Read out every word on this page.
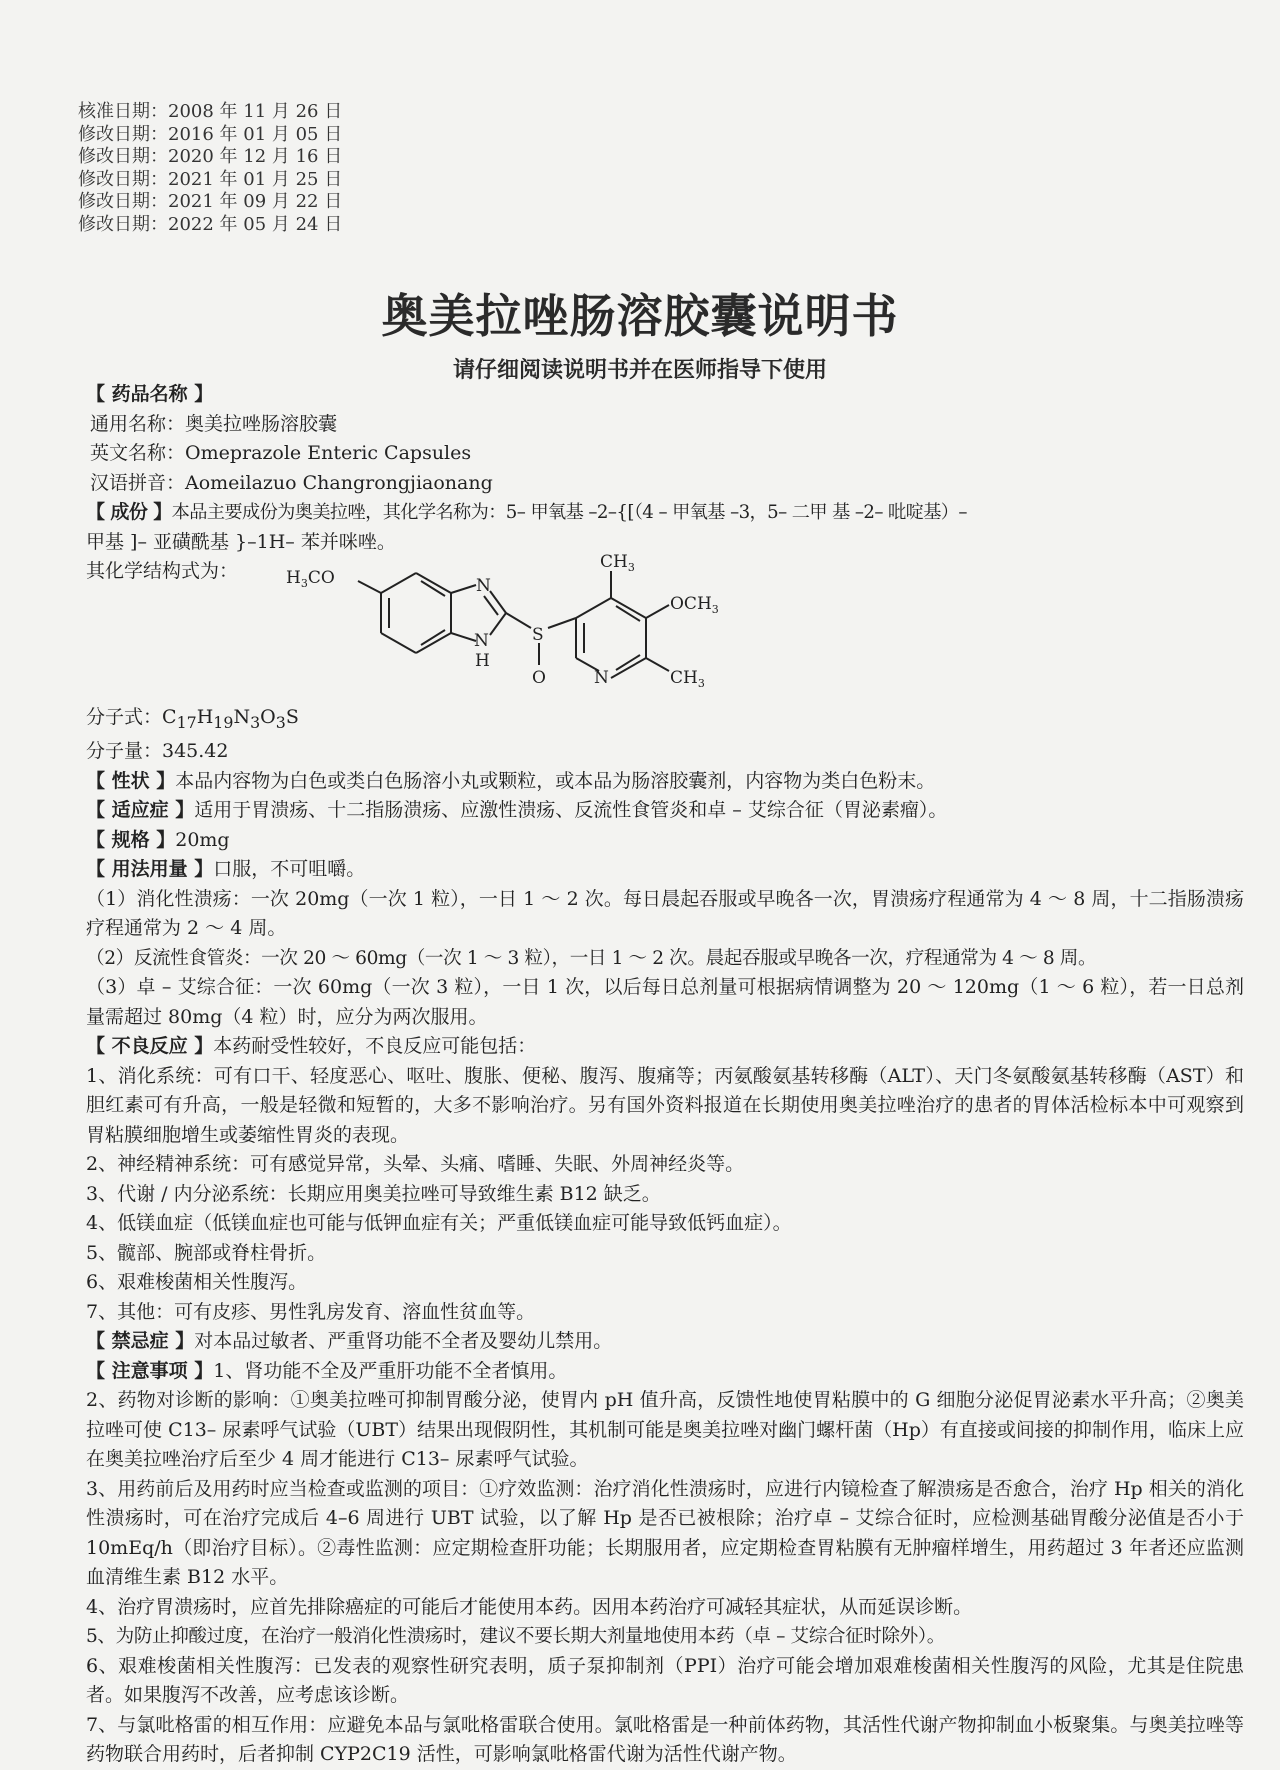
核准日期：2008 年 11 月 26 日
修改日期：2016 年 01 月 05 日
修改日期：2020 年 12 月 16 日
修改日期：2021 年 01 月 25 日
修改日期：2021 年 09 月 22 日
修改日期：2022 年 05 月 24 日
奥美拉唑肠溶胶囊说明书
请仔细阅读说明书并在医师指导下使用
【 药品名称 】
通用名称：奥美拉唑肠溶胶囊
英文名称：Omeprazole Enteric Capsules
汉语拼音：Aomeilazuo Changrongjiaonang
【 成份 】本品主要成份为奥美拉唑，其化学名称为：5– 甲氧基 –2–{[（4 – 甲氧基 –3，5– 二甲 基 –2– 吡啶基）–
甲基 ]– 亚磺酰基 }–1H– 苯并咪唑。
其化学结构式为：	$H_3CO$	N
N
H
S
O
$CH_3$
$OCH_3$
N	$CH_3$
分子式：$C_{17}H_{19}N_3O_3S$
分子量：345.42
【 性状 】本品内容物为白色或类白色肠溶小丸或颗粒，或本品为肠溶胶囊剂，内容物为类白色粉末。
【 适应症 】适用于胃溃疡、十二指肠溃疡、应激性溃疡、反流性食管炎和卓 – 艾综合征（胃泌素瘤）。
【 规格 】20mg
【 用法用量 】口服，不可咀嚼。
（1）消化性溃疡：一次 20mg（一次 1 粒），一日 1 ～ 2 次。每日晨起吞服或早晚各一次，胃溃疡疗程通常为 4 ～ 8 周，十二指肠溃疡疗程通常为 2 ～ 4 周。
（2）反流性食管炎：一次 20 ～ 60mg（一次 1 ～ 3 粒），一日 1 ～ 2 次。晨起吞服或早晚各一次，疗程通常为 4 ～ 8 周。
（3）卓 – 艾综合征：一次 60mg（一次 3 粒），一日 1 次，以后每日总剂量可根据病情调整为 20 ～ 120mg（1 ～ 6 粒），若一日总剂量需超过 80mg（4 粒）时，应分为两次服用。
【 不良反应 】本药耐受性较好，不良反应可能包括：
1、消化系统：可有口干、轻度恶心、呕吐、腹胀、便秘、腹泻、腹痛等；丙氨酸氨基转移酶（ALT）、天门冬氨酸氨基转移酶（AST）和胆红素可有升高，一般是轻微和短暂的，大多不影响治疗。另有国外资料报道在长期使用奥美拉唑治疗的患者的胃体活检标本中可观察到胃粘膜细胞增生或萎缩性胃炎的表现。
2、神经精神系统：可有感觉异常，头晕、头痛、嗜睡、失眠、外周神经炎等。
3、代谢 / 内分泌系统：长期应用奥美拉唑可导致维生素 B12 缺乏。
4、低镁血症（低镁血症也可能与低钾血症有关；严重低镁血症可能导致低钙血症）。
5、髋部、腕部或脊柱骨折。
6、艰难梭菌相关性腹泻。
7、其他：可有皮疹、男性乳房发育、溶血性贫血等。
【 禁忌症 】对本品过敏者、严重肾功能不全者及婴幼儿禁用。
【 注意事项 】1、肾功能不全及严重肝功能不全者慎用。
2、药物对诊断的影响：①奥美拉唑可抑制胃酸分泌，使胃内 pH 值升高，反馈性地使胃粘膜中的 G 细胞分泌促胃泌素水平升高；②奥美拉唑可使 C13– 尿素呼气试验（UBT）结果出现假阴性，其机制可能是奥美拉唑对幽门螺杆菌（Hp）有直接或间接的抑制作用，临床上应在奥美拉唑治疗后至少 4 周才能进行 C13– 尿素呼气试验。
3、用药前后及用药时应当检查或监测的项目：①疗效监测：治疗消化性溃疡时，应进行内镜检查了解溃疡是否愈合，治疗 Hp 相关的消化性溃疡时，可在治疗完成后 4–6 周进行 UBT 试验，以了解 Hp 是否已被根除；治疗卓 – 艾综合征时，应检测基础胃酸分泌值是否小于 10mEq/h（即治疗目标）。②毒性监测：应定期检查肝功能；长期服用者，应定期检查胃粘膜有无肿瘤样增生，用药超过 3 年者还应监测血清维生素 B12 水平。
4、治疗胃溃疡时，应首先排除癌症的可能后才能使用本药。因用本药治疗可减轻其症状，从而延误诊断。
5、为防止抑酸过度，在治疗一般消化性溃疡时，建议不要长期大剂量地使用本药（卓 – 艾综合征时除外）。
6、艰难梭菌相关性腹泻：已发表的观察性研究表明，质子泵抑制剂（PPI）治疗可能会增加艰难梭菌相关性腹泻的风险，尤其是住院患者。如果腹泻不改善，应考虑该诊断。
7、与氯吡格雷的相互作用：应避免本品与氯吡格雷联合使用。氯吡格雷是一种前体药物，其活性代谢产物抑制血小板聚集。与奥美拉唑等药物联合用药时，后者抑制 CYP2C19 活性，可影响氯吡格雷代谢为活性代谢产物。
